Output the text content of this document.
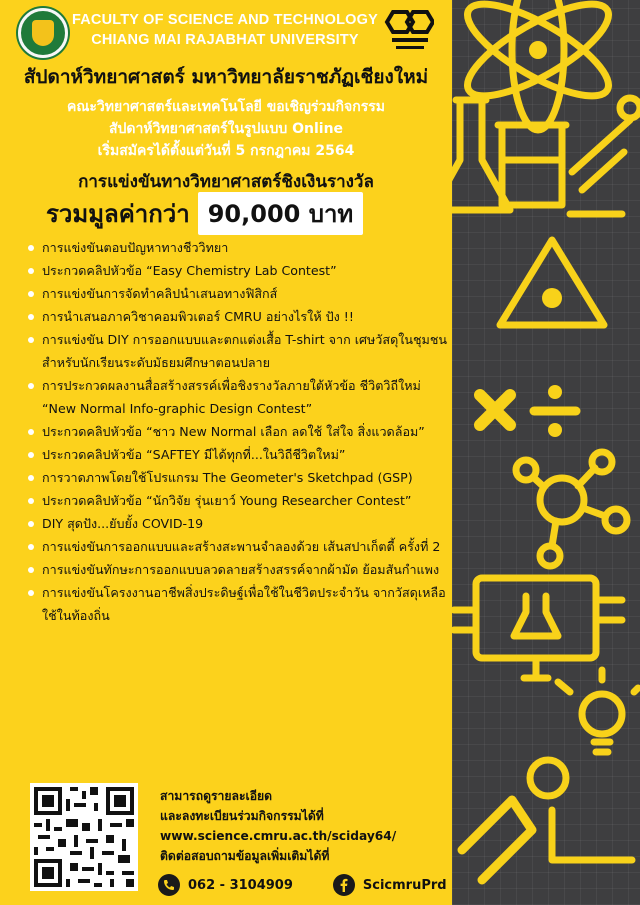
FACULTY OF SCIENCE AND TECHNOLOGY
CHIANG MAI RAJABHAT UNIVERSITY
สัปดาห์วิทยาศาสตร์ มหาวิทยาลัยราชภัฏเชียงใหม่
คณะวิทยาศาสตร์และเทคโนโลยี ขอเชิญร่วมกิจกรรม
สัปดาห์วิทยาศาสตร์ในรูปแบบ Online
เริ่มสมัครได้ตั้งแต่วันที่ 5 กรกฎาคม 2564
การแข่งขันทางวิทยาศาสตร์ชิงเงินรางวัล
รวมมูลค่ากว่า 90,000 บาท
การแข่งขันตอบปัญหาทางชีววิทยา
ประกวดคลิปหัวข้อ “Easy Chemistry Lab Contest”
การแข่งขันการจัดทำคลิปนำเสนอทางฟิสิกส์
การนำเสนอภาควิชาคอมพิวเตอร์ CMRU อย่างไรให้ ปัง !!
การแข่งขัน DIY การออกแบบและตกแต่งเสื้อ T-shirt จาก เศษวัสดุในชุมชน สำหรับนักเรียนระดับมัธยมศึกษาตอนปลาย
การประกวดผลงานสื่อสร้างสรรค์เพื่อชิงรางวัลภายใต้หัวข้อ ชีวิตวิถีใหม่ “New Normal Info-graphic Design Contest”
ประกวดคลิปหัวข้อ “ชาว New Normal เลือก ลดใช้ ใส่ใจ สิ่งแวดล้อม”
ประกวดคลิปหัวข้อ “SAFTEY มีได้ทุกที่...ในวิถีชีวิตใหม่”
การวาดภาพโดยใช้โปรแกรม The Geometer's Sketchpad (GSP)
ประกวดคลิปหัวข้อ “นักวิจัย รุ่นเยาว์ Young Researcher Contest”
DIY สุดปัง...ยับยั้ง COVID-19
การแข่งขันการออกแบบและสร้างสะพานจำลองด้วย เส้นสปาเก็ตตี้ ครั้งที่ 2
การแข่งขันทักษะการออกแบบลวดลายสร้างสรรค์จากผ้ามัด ย้อมสันกำแพง
การแข่งขันโครงงานอาชีพสิ่งประดิษฐ์เพื่อใช้ในชีวิตประจำวัน จากวัสดุเหลือใช้ในท้องถิ่น
สามารถดูรายละเอียด
และลงทะเบียนร่วมกิจกรรมได้ที่
www.science.cmru.ac.th/sciday64/
ติดต่อสอบถามข้อมูลเพิ่มเติมได้ที่
062 - 3104909	ScicmruPrd
